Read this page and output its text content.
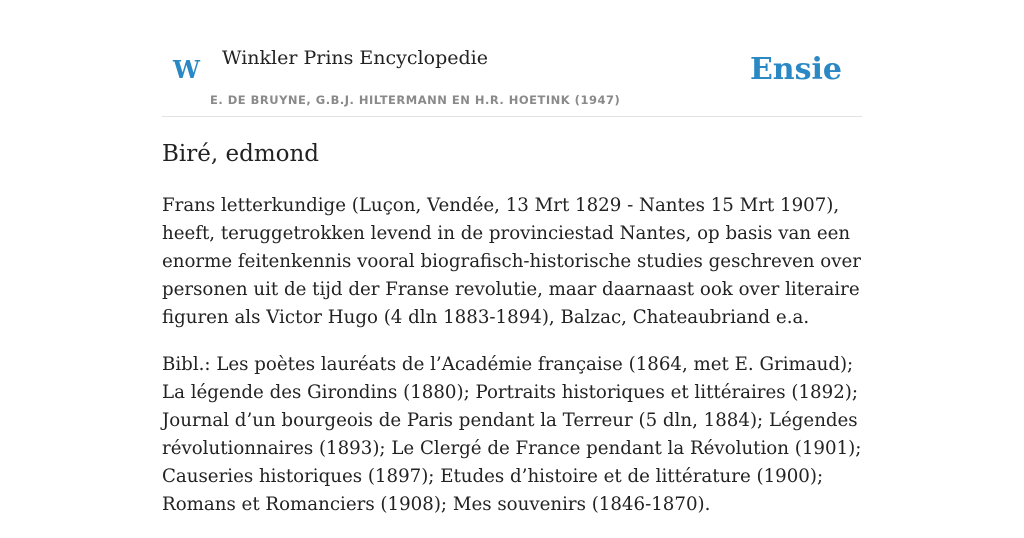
W Winkler Prins Encyclopedie
E. DE BRUYNE, G.B.J. HILTERMANN EN H.R. HOETINK (1947)
Ensie
Biré, edmond

Frans letterkundige (Luçon, Vendée, 13 Mrt 1829 - Nantes 15 Mrt 1907), heeft, teruggetrokken levend in de provinciestad Nantes, op basis van een enorme feitenkennis vooral biografisch-historische studies geschreven over personen uit de tijd der Franse revolutie, maar daarnaast ook over literaire figuren als Victor Hugo (4 dln 1883-1894), Balzac, Chateaubriand e.a.

Bibl.: Les poètes lauréats de l’Académie française (1864, met E. Grimaud); La légende des Girondins (1880); Portraits historiques et littéraires (1892); Journal d’un bourgeois de Paris pendant la Terreur (5 dln, 1884); Légendes révolutionnaires (1893); Le Clergé de France pendant la Révolution (1901); Causeries historiques (1897); Etudes d’histoire et de littérature (1900); Romans et Romanciers (1908); Mes souvenirs (1846-1870).
